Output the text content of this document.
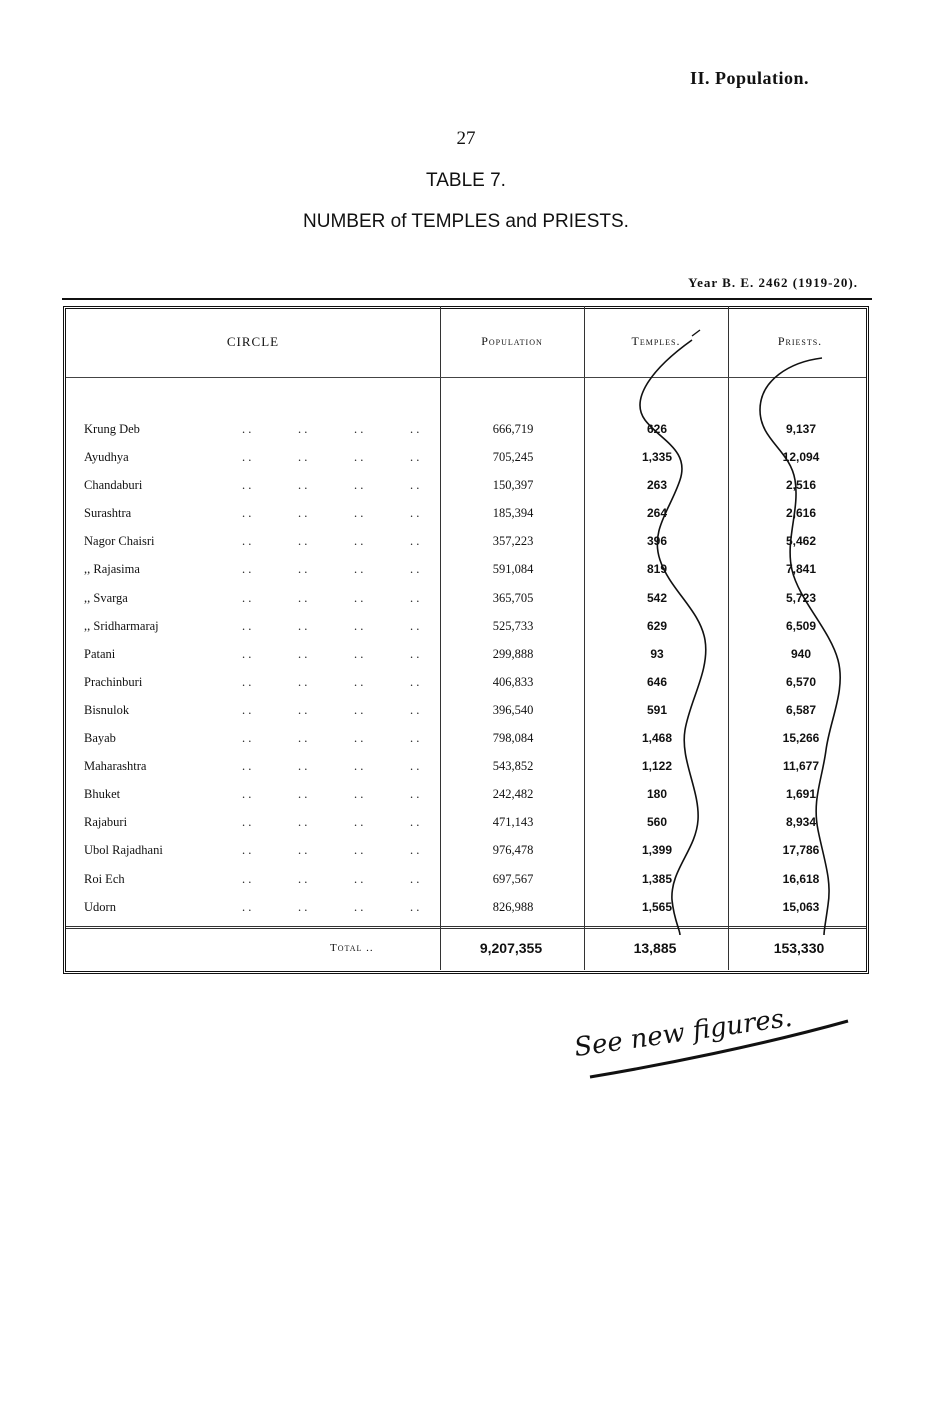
II. Population.
27
TABLE 7.
NUMBER of TEMPLES and PRIESTS.
Year B. E. 2462 (1919-20).
CIRCLE	Population	Temples.	Priests.
Krung Deb	. .	. .	. .	. .	666,719	626	9,137
Ayudhya	. .	. .	. .	. .	705,245	1,335	12,094
Chandaburi	. .	. .	. .	. .	150,397	263	2,516
Surashtra	. .	. .	. .	. .	185,394	264	2,616
Nagor Chaisri	. .	. .	. .	. .	357,223	396	5,462
,, Rajasima	. .	. .	. .	. .	591,084	819	7,841
,, Svarga	. .	. .	. .	. .	365,705	542	5,723
,, Sridharmaraj	. .	. .	. .	. .	525,733	629	6,509
Patani	. .	. .	. .	. .	299,888	93	940
Prachinburi	. .	. .	. .	. .	406,833	646	6,570
Bisnulok	. .	. .	. .	. .	396,540	591	6,587
Bayab	. .	. .	. .	. .	798,084	1,468	15,266
Maharashtra	. .	. .	. .	. .	543,852	1,122	11,677
Bhuket	. .	. .	. .	. .	242,482	180	1,691
Rajaburi	. .	. .	. .	. .	471,143	560	8,934
Ubol Rajadhani	. .	. .	. .	. .	976,478	1,399	17,786
Roi Ech	. .	. .	. .	. .	697,567	1,385	16,618
Udorn	. .	. .	. .	. .	826,988	1,565	15,063
Total ..	9,207,355	13,885	153,330
See new figures.
